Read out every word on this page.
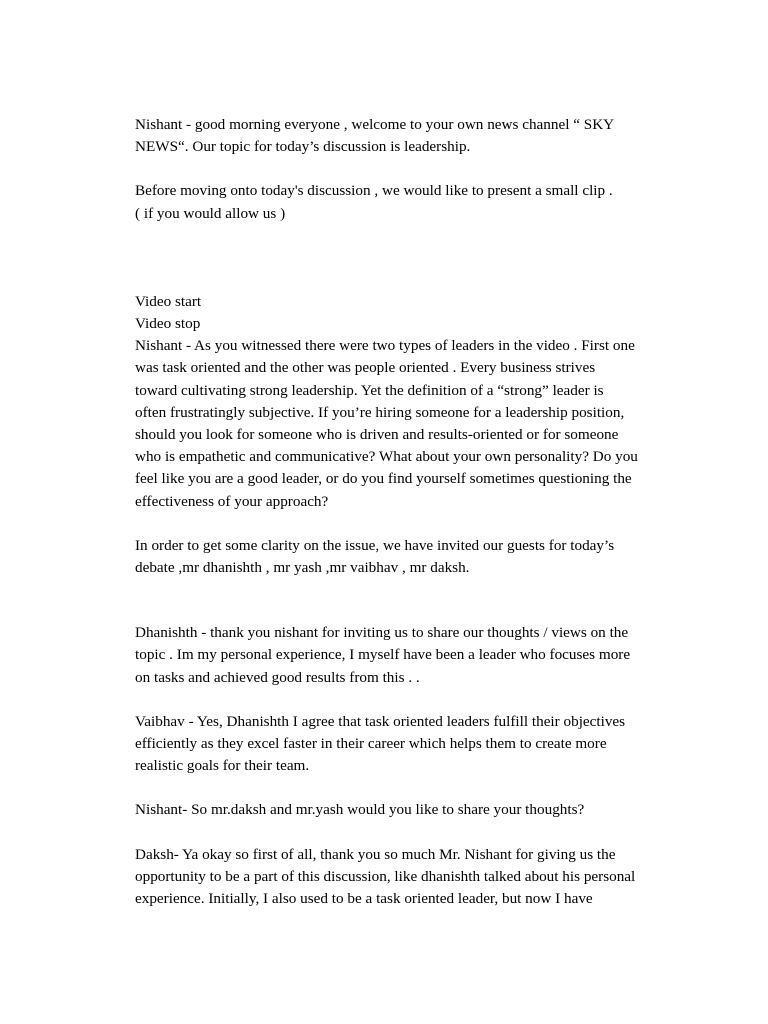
Nishant - good morning everyone , welcome to your own news channel “ SKY
NEWS“. Our topic for today’s discussion is leadership.

Before moving onto today's discussion , we would like to present a small clip .
( if you would allow us )

Video start
Video stop
Nishant - As you witnessed there were two types of leaders in the video . First one
was task oriented and the other was people oriented . Every business strives
toward cultivating strong leadership. Yet the definition of a “strong” leader is
often frustratingly subjective. If you’re hiring someone for a leadership position,
should you look for someone who is driven and results-oriented or for someone
who is empathetic and communicative? What about your own personality? Do you
feel like you are a good leader, or do you find yourself sometimes questioning the
effectiveness of your approach?

In order to get some clarity on the issue, we have invited our guests for today’s
debate ,mr dhanishth , mr yash ,mr vaibhav , mr daksh.

Dhanishth - thank you nishant for inviting us to share our thoughts / views on the
topic . Im my personal experience, I myself have been a leader who focuses more
on tasks and achieved good results from this . .

Vaibhav - Yes, Dhanishth I agree that task oriented leaders fulfill their objectives
efficiently as they excel faster in their career which helps them to create more
realistic goals for their team.

Nishant- So mr.daksh and mr.yash would you like to share your thoughts?

Daksh- Ya okay so first of all, thank you so much Mr. Nishant for giving us the
opportunity to be a part of this discussion, like dhanishth talked about his personal
experience. Initially, I also used to be a task oriented leader, but now I have
